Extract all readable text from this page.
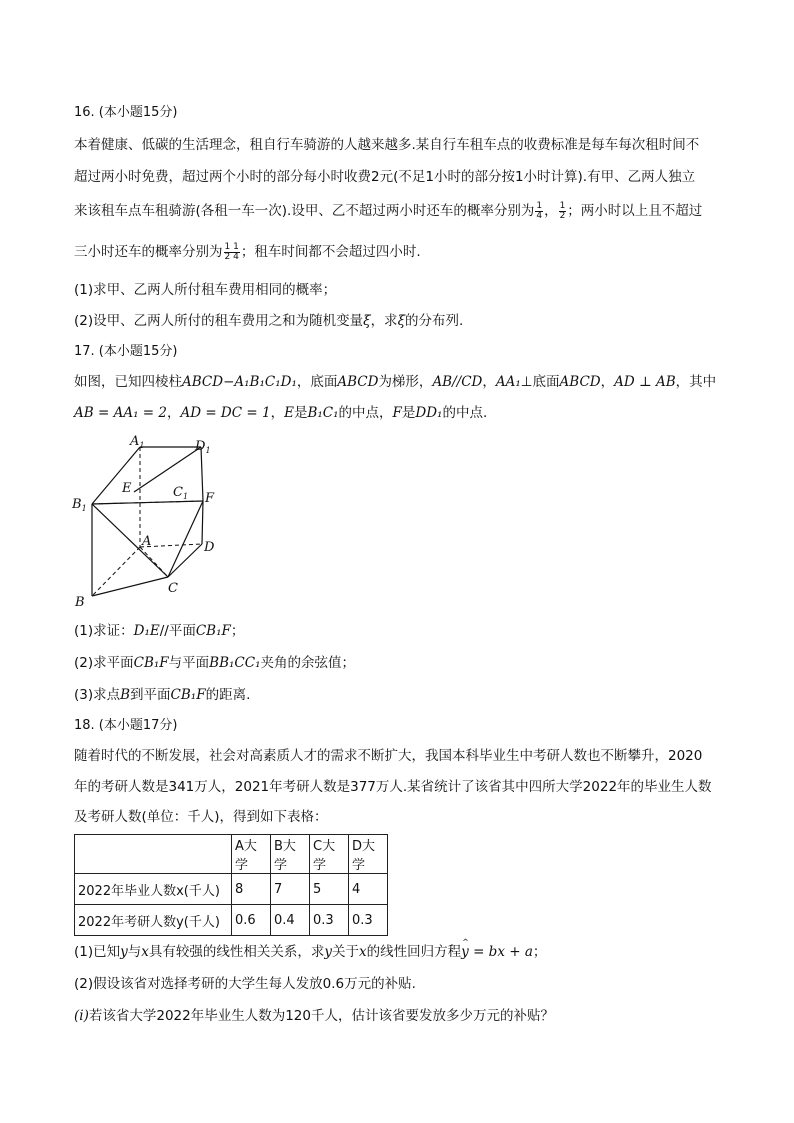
16. (本小题15分)
本着健康、低碳的生活理念，租自行车骑游的人越来越多.某自行车租车点的收费标准是每车每次租时间不
超过两小时免费，超过两个小时的部分每小时收费2元(不足1小时的部分按1小时计算).有甲、乙两人独立
来该租车点车租骑游(各租一车一次).设甲、乙不超过两小时还车的概率分别为 $\frac{1}{4}$ ， $\frac{1}{2}$ ；两小时以上且不超过
三小时还车的概率分别为 $\frac{1 1}{2 4}$ ；租车时间都不会超过四小时.
(1)求甲、乙两人所付租车费用相同的概率；
(2)设甲、乙两人所付的租车费用之和为随机变量ξ，求ξ的分布列.
17. (本小题15分)
如图，已知四棱柱ABCD−A₁B₁C₁D₁，底面ABCD为梯形，AB//CD，AA₁⊥底面ABCD，AD ⊥ AB，其中
AB = AA₁ = 2，AD = DC = 1，E是B₁C₁的中点，F是DD₁的中点.
$A_1$	$D_1$
E	$C_1$ F
$B_1$
A	D
C
B
(1)求证：D₁E//平面CB₁F；
(2)求平面CB₁F与平面BB₁CC₁夹角的余弦值；
(3)求点B到平面CB₁F的距离.
18. (本小题17分)
随着时代的不断发展，社会对高素质人才的需求不断扩大，我国本科毕业生中考研人数也不断攀升，2020
年的考研人数是341万人，2021年考研人数是377万人.某省统计了该省其中四所大学2022年的毕业生人数
及考研人数(单位：千人)，得到如下表格：
	A大学	B大学	C大学	D大学
2022年毕业人数x(千人)	8	7	5	4
2022年考研人数y(千人)	0.6	0.4	0.3	0.3
(1)已知y与x具有较强的线性相关关系，求y关于x的线性回归方程^ y = bx + a；
(2)假设该省对选择考研的大学生每人发放0.6万元的补贴.
(i)若该省大学2022年毕业生人数为120千人，估计该省要发放多少万元的补贴？
